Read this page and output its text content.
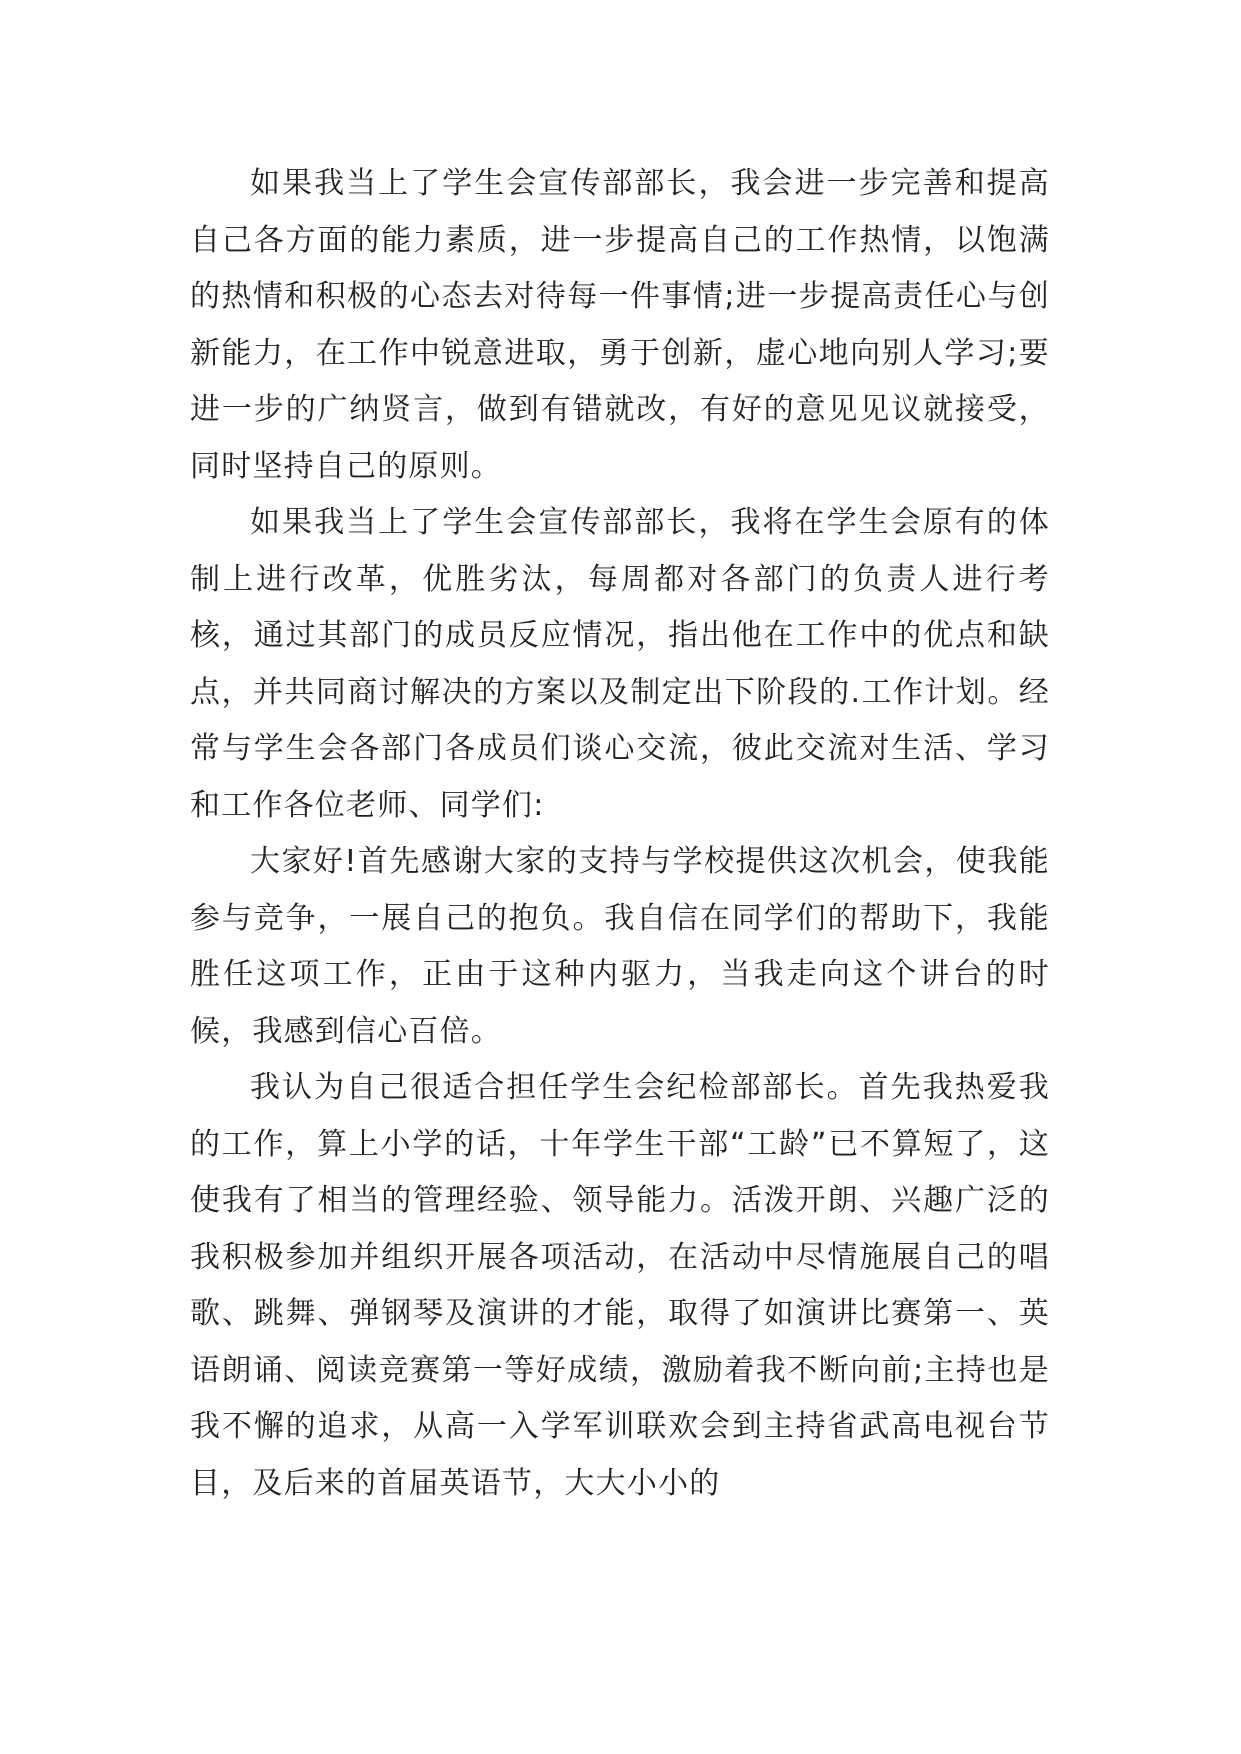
如果我当上了学生会宣传部部长，我会进一步完善和提高自己各方面的能力素质，进一步提高自己的工作热情，以饱满的热情和积极的心态去对待每一件事情;进一步提高责任心与创新能力，在工作中锐意进取，勇于创新，虚心地向别人学习;要进一步的广纳贤言，做到有错就改，有好的意见见议就接受，同时坚持自己的原则。

如果我当上了学生会宣传部部长，我将在学生会原有的体制上进行改革，优胜劣汰，每周都对各部门的负责人进行考核，通过其部门的成员反应情况，指出他在工作中的优点和缺点，并共同商讨解决的方案以及制定出下阶段的.工作计划。经常与学生会各部门各成员们谈心交流，彼此交流对生活、学习和工作各位老师、同学们:

大家好!首先感谢大家的支持与学校提供这次机会，使我能参与竞争，一展自己的抱负。我自信在同学们的帮助下，我能胜任这项工作，正由于这种内驱力，当我走向这个讲台的时候，我感到信心百倍。

我认为自己很适合担任学生会纪检部部长。首先我热爱我的工作，算上小学的话，十年学生干部“工龄”已不算短了，这使我有了相当的管理经验、领导能力。活泼开朗、兴趣广泛的我积极参加并组织开展各项活动，在活动中尽情施展自己的唱歌、跳舞、弹钢琴及演讲的才能，取得了如演讲比赛第一、英语朗诵、阅读竞赛第一等好成绩，激励着我不断向前;主持也是我不懈的追求，从高一入学军训联欢会到主持省武高电视台节目，及后来的首届英语节，大大小小的
